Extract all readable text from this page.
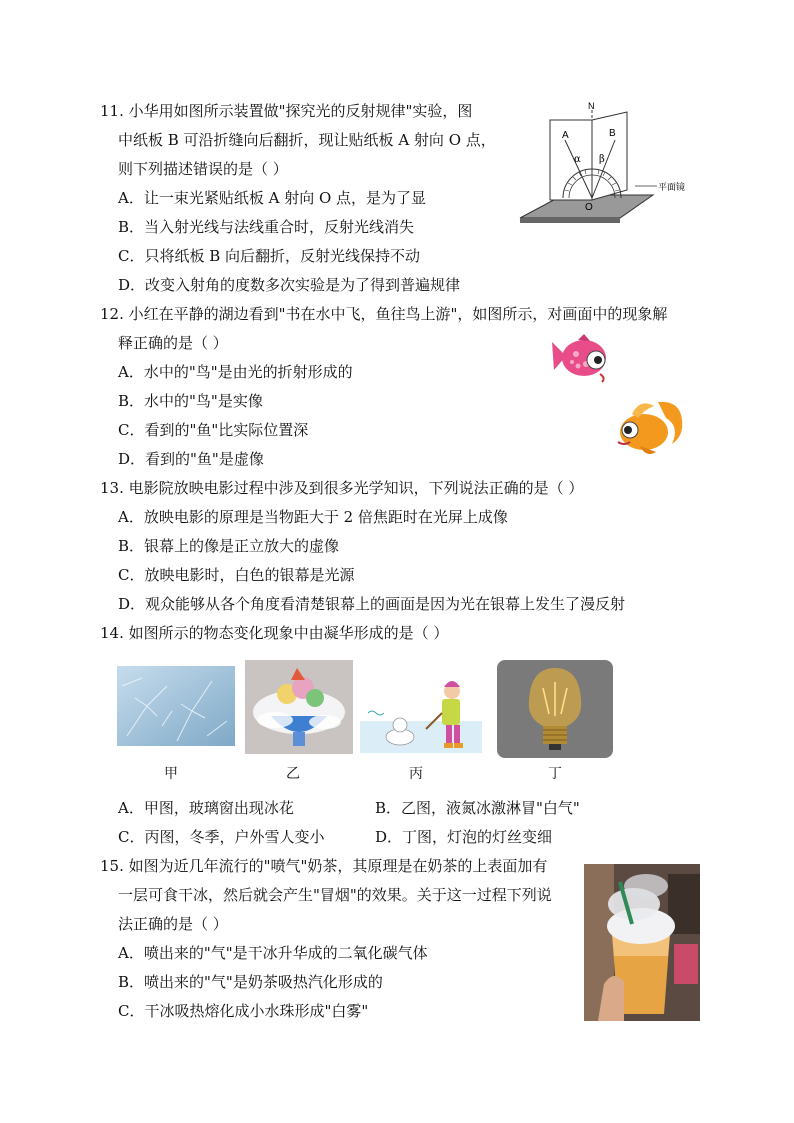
11. 小华用如图所示装置做"探究光的反射规律"实验，图
中纸板 B 可沿折缝向后翻折，现让贴纸板 A 射向 O 点，
则下列描述错误的是（ ）
A．让一束光紧贴纸板 A 射向 O 点，是为了显
B．当入射光线与法线重合时，反射光线消失
C．只将纸板 B 向后翻折，反射光线保持不动
D．改变入射角的度数多次实验是为了得到普遍规律
N
A	B
α β
O
平面镜
12. 小红在平静的湖边看到"书在水中飞，鱼往鸟上游"，如图所示，对画面中的现象解
释正确的是（ ）
A．水中的"鸟"是由光的折射形成的
B．水中的"鸟"是实像
C．看到的"鱼"比实际位置深
D．看到的"鱼"是虚像
13. 电影院放映电影过程中涉及到很多光学知识，下列说法正确的是（ ）
A．放映电影的原理是当物距大于 2 倍焦距时在光屏上成像
B．银幕上的像是正立放大的虚像
C．放映电影时，白色的银幕是光源
D．观众能够从各个角度看清楚银幕上的画面是因为光在银幕上发生了漫反射
14. 如图所示的物态变化现象中由凝华形成的是（ ）
甲	乙	丙	丁
A．甲图，玻璃窗出现冰花	B．乙图，液氮冰激淋冒"白气"
C．丙图，冬季，户外雪人变小	D．丁图，灯泡的灯丝变细
15. 如图为近几年流行的"喷气"奶茶，其原理是在奶茶的上表面加有
一层可食干冰，然后就会产生"冒烟"的效果。关于这一过程下列说
法正确的是（ ）
A．喷出来的"气"是干冰升华成的二氧化碳气体
B．喷出来的"气"是奶茶吸热汽化形成的
C．干冰吸热熔化成小水珠形成"白雾"
